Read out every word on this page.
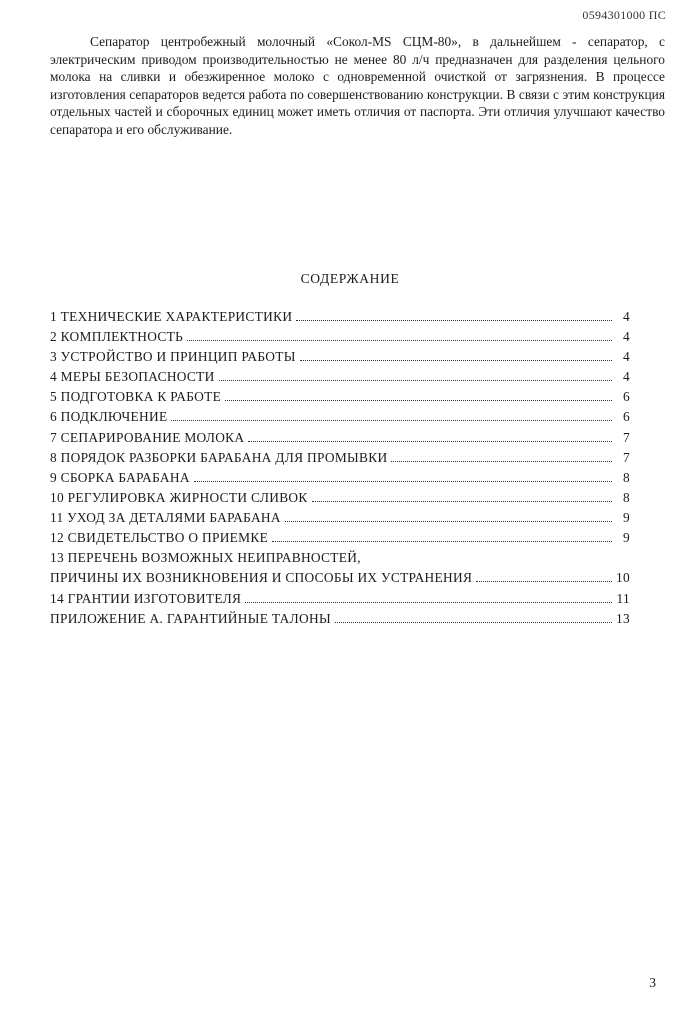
0594301000 ПС

Сепаратор центробежный молочный «Сокол-MS СЦМ-80», в дальнейшем - сепаратор, с электрическим приводом производительностью не менее 80 л/ч предназначен для разделения цельного молока на сливки и обезжиренное молоко с одновременной очисткой от загрязнения. В процессе изготовления сепараторов ведется работа по совершенствованию конструкции. В связи с этим конструкция отдельных частей и сборочных единиц может иметь отличия от паспорта. Эти отличия улучшают качество сепаратора и его обслуживание.

СОДЕРЖАНИЕ
1 ТЕХНИЧЕСКИЕ ХАРАКТЕРИСТИКИ	4
2 КОМПЛЕКТНОСТЬ	4
3 УСТРОЙСТВО И ПРИНЦИП РАБОТЫ	4
4 МЕРЫ БЕЗОПАСНОСТИ	4
5 ПОДГОТОВКА К РАБОТЕ	6
6 ПОДКЛЮЧЕНИЕ	6
7 СЕПАРИРОВАНИЕ МОЛОКА	7
8 ПОРЯДОК РАЗБОРКИ БАРАБАНА ДЛЯ ПРОМЫВКИ	7
9 СБОРКА БАРАБАНА	8
10 РЕГУЛИРОВКА ЖИРНОСТИ СЛИВОК	8
11 УХОД ЗА ДЕТАЛЯМИ БАРАБАНА	9
12 СВИДЕТЕЛЬСТВО О ПРИЕМКЕ	9
13 ПЕРЕЧЕНЬ ВОЗМОЖНЫХ НЕИПРАВНОСТЕЙ,
ПРИЧИНЫ ИХ ВОЗНИКНОВЕНИЯ И СПОСОБЫ ИХ УСТРАНЕНИЯ	10
14 ГРАНТИИ ИЗГОТОВИТЕЛЯ	11
ПРИЛОЖЕНИЕ А. ГАРАНТИЙНЫЕ ТАЛОНЫ	13
3
